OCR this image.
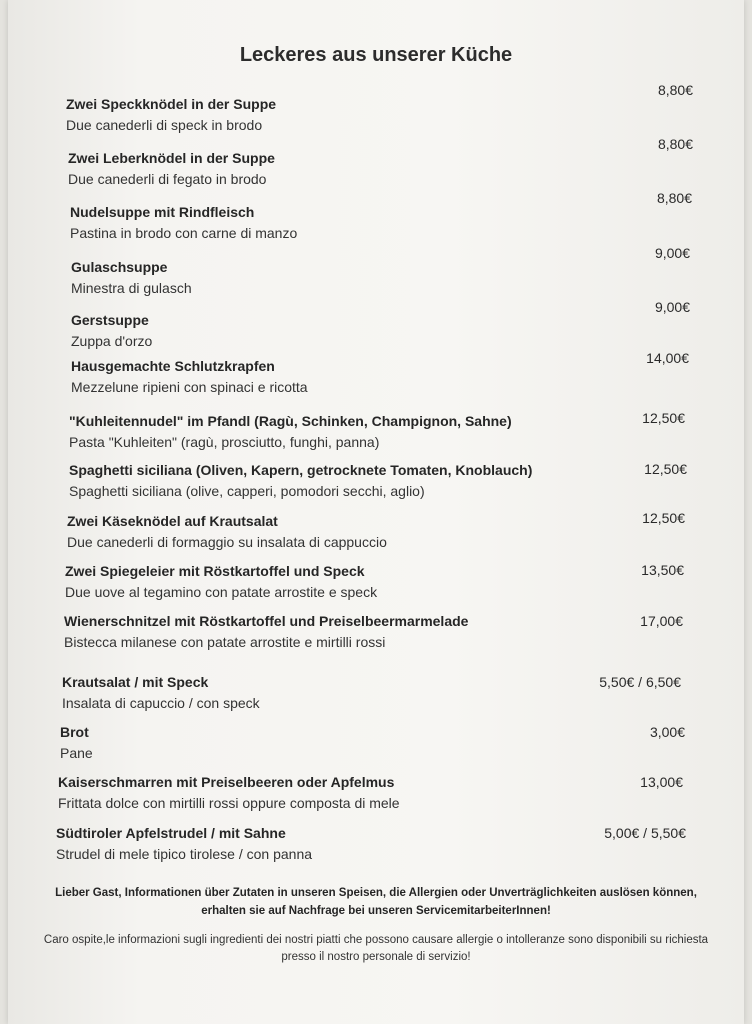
Leckeres aus unserer Küche
Zwei Speckknödel in der Suppe
Due canederli di speck in brodo
8,80€
Zwei Leberknödel in der Suppe
Due canederli di fegato in brodo
8,80€
Nudelsuppe mit Rindfleisch
Pastina in brodo con carne di manzo
8,80€
Gulaschsuppe
Minestra di gulasch
9,00€
Gerstsuppe
Zuppa d'orzo
9,00€
Hausgemachte Schlutzkrapfen
Mezzelune ripieni con spinaci e ricotta
14,00€
"Kuhleitennudel" im Pfandl (Ragù, Schinken, Champignon, Sahne)
Pasta "Kuhleiten" (ragù, prosciutto, funghi, panna)
12,50€
Spaghetti siciliana (Oliven, Kapern, getrocknete Tomaten, Knoblauch)
Spaghetti siciliana (olive, capperi, pomodori secchi, aglio)
12,50€
Zwei Käseknödel auf Krautsalat
Due canederli di formaggio su insalata di cappuccio
12,50€
Zwei Spiegeleier mit Röstkartoffel und Speck
Due uove al tegamino con patate arrostite e speck
13,50€
Wienerschnitzel mit Röstkartoffel und Preiselbeermarmelade
Bistecca milanese con patate arrostite e mirtilli rossi
17,00€
Krautsalat / mit Speck
Insalata di capuccio / con speck
5,50€ / 6,50€
Brot
Pane
3,00€
Kaiserschmarren mit Preiselbeeren oder Apfelmus
Frittata dolce con mirtilli rossi oppure composta di mele
13,00€
Südtiroler Apfelstrudel / mit Sahne
Strudel di mele tipico tirolese / con panna
5,00€ / 5,50€

Lieber Gast, Informationen über Zutaten in unseren Speisen, die Allergien oder Unverträglichkeiten auslösen können, erhalten sie auf Nachfrage bei unseren ServicemitarbeiterInnen!

Caro ospite,le informazioni sugli ingredienti dei nostri piatti che possono causare allergie o intolleranze sono disponibili su richiesta presso il nostro personale di servizio!
